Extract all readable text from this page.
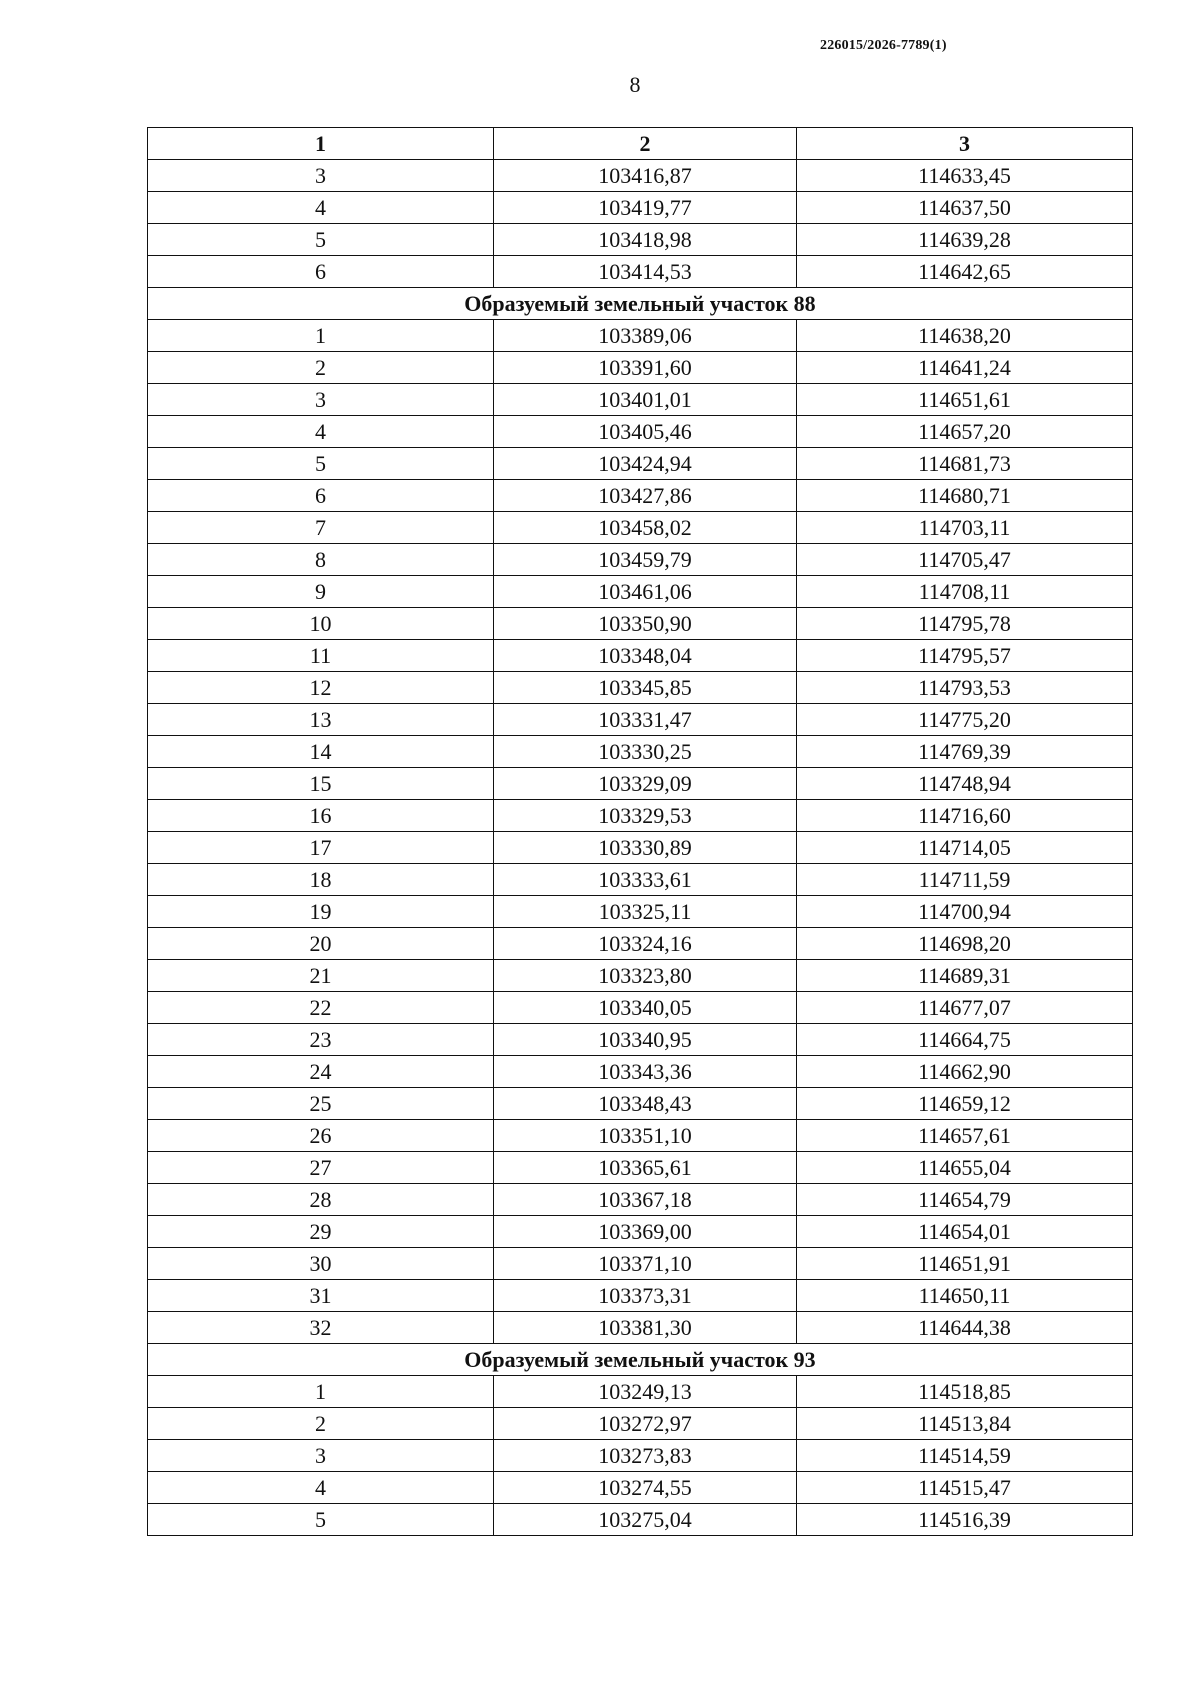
226015/2026-7789(1)
8
1	2	3
3	103416,87	114633,45
4	103419,77	114637,50
5	103418,98	114639,28
6	103414,53	114642,65
Образуемый земельный участок 88		
1	103389,06	114638,20
2	103391,60	114641,24
3	103401,01	114651,61
4	103405,46	114657,20
5	103424,94	114681,73
6	103427,86	114680,71
7	103458,02	114703,11
8	103459,79	114705,47
9	103461,06	114708,11
10	103350,90	114795,78
11	103348,04	114795,57
12	103345,85	114793,53
13	103331,47	114775,20
14	103330,25	114769,39
15	103329,09	114748,94
16	103329,53	114716,60
17	103330,89	114714,05
18	103333,61	114711,59
19	103325,11	114700,94
20	103324,16	114698,20
21	103323,80	114689,31
22	103340,05	114677,07
23	103340,95	114664,75
24	103343,36	114662,90
25	103348,43	114659,12
26	103351,10	114657,61
27	103365,61	114655,04
28	103367,18	114654,79
29	103369,00	114654,01
30	103371,10	114651,91
31	103373,31	114650,11
32	103381,30	114644,38
Образуемый земельный участок 93		
1	103249,13	114518,85
2	103272,97	114513,84
3	103273,83	114514,59
4	103274,55	114515,47
5	103275,04	114516,39
